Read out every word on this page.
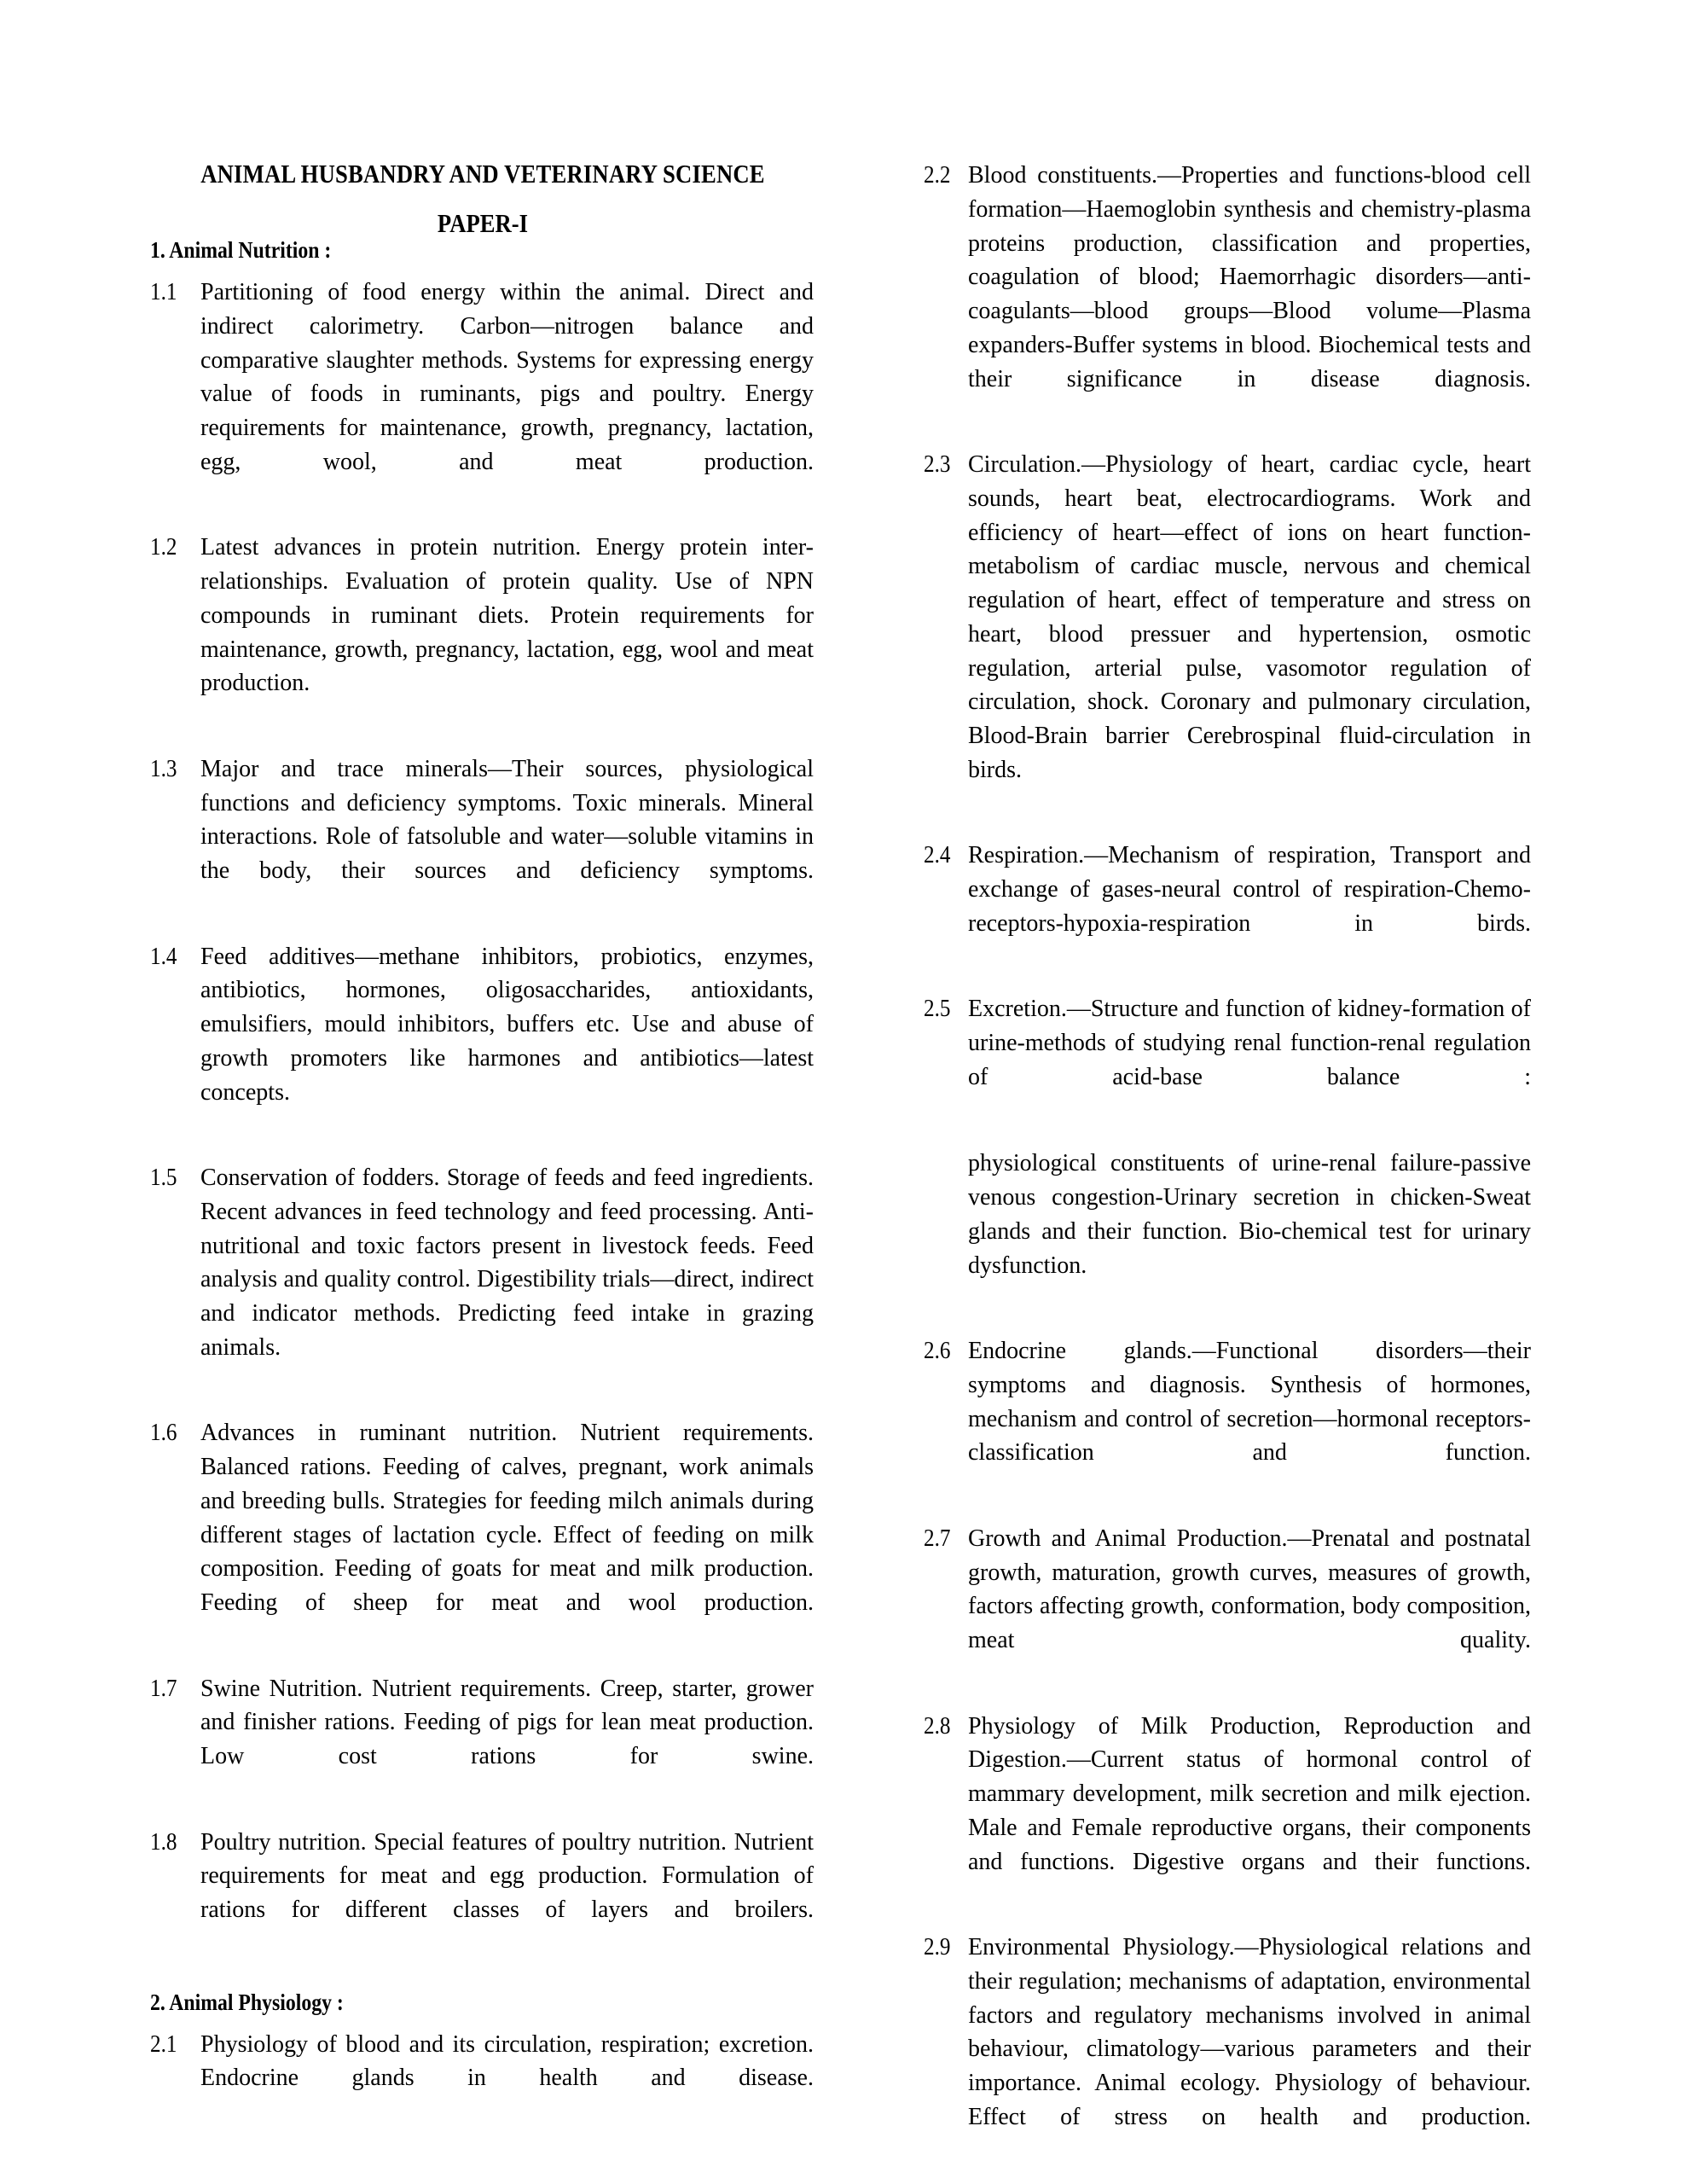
ANIMAL HUSBANDRY AND VETERINARY SCIENCE
PAPER-I
1. Animal Nutrition :
1.1 Partitioning of food energy within the animal. Direct and indirect calorimetry. Carbon—nitrogen balance and comparative slaughter methods. Systems for expressing energy value of foods in ruminants, pigs and poultry. Energy requirements for maintenance, growth, pregnancy, lactation, egg, wool, and meat production.

1.2 Latest advances in protein nutrition. Energy protein inter-relationships. Evaluation of protein quality. Use of NPN compounds in ruminant diets. Protein requirements for maintenance, growth, pregnancy, lactation, egg, wool and meat production.

1.3 Major and trace minerals—Their sources, physiological functions and deficiency symptoms. Toxic minerals. Mineral interactions. Role of fatsoluble and water—soluble vitamins in the body, their sources and deficiency symptoms.

1.4 Feed additives—methane inhibitors, probiotics, enzymes, antibiotics, hormones, oligosaccharides, antioxidants, emulsifiers, mould inhibitors, buffers etc. Use and abuse of growth promoters like harmones and antibiotics—latest concepts.

1.5 Conservation of fodders. Storage of feeds and feed ingredients. Recent advances in feed technology and feed processing. Anti-nutritional and toxic factors present in livestock feeds. Feed analysis and quality control. Digestibility trials—direct, indirect and indicator methods. Predicting feed intake in grazing animals.

1.6 Advances in ruminant nutrition. Nutrient requirements. Balanced rations. Feeding of calves, pregnant, work animals and breeding bulls. Strategies for feeding milch animals during different stages of lactation cycle. Effect of feeding on milk composition. Feeding of goats for meat and milk production. Feeding of sheep for meat and wool production.

1.7 Swine Nutrition. Nutrient requirements. Creep, starter, grower and finisher rations. Feeding of pigs for lean meat production. Low cost rations for swine.

1.8 Poultry nutrition. Special features of poultry nutrition. Nutrient requirements for meat and egg production. Formulation of rations for different classes of layers and broilers.

2. Animal Physiology :
2.1 Physiology of blood and its circulation, respiration; excretion. Endocrine glands in health and disease.

2.2 Blood constituents.—Properties and functions-blood cell formation—Haemoglobin synthesis and chemistry-plasma proteins production, classification and properties, coagulation of blood; Haemorrhagic disorders—anti-coagulants—blood groups—Blood volume—Plasma expanders-Buffer systems in blood. Biochemical tests and their significance in disease diagnosis.

2.3 Circulation.—Physiology of heart, cardiac cycle, heart sounds, heart beat, electrocardiograms. Work and efficiency of heart—effect of ions on heart function-metabolism of cardiac muscle, nervous and chemical regulation of heart, effect of temperature and stress on heart, blood pressuer and hypertension, osmotic regulation, arterial pulse, vasomotor regulation of circulation, shock. Coronary and pulmonary circulation, Blood-Brain barrier Cerebrospinal fluid-circulation in birds.

2.4 Respiration.—Mechanism of respiration, Transport and exchange of gases-neural control of respiration-Chemo-receptors-hypoxia-respiration in birds.

2.5 Excretion.—Structure and function of kidney-formation of urine-methods of studying renal function-renal regulation of acid-base balance :

physiological constituents of urine-renal failure-passive venous congestion-Urinary secretion in chicken-Sweat glands and their function. Bio-chemical test for urinary dysfunction.

2.6 Endocrine glands.—Functional disorders—their symptoms and diagnosis. Synthesis of hormones, mechanism and control of secretion—hormonal receptors-classification and function.

2.7 Growth and Animal Production.—Prenatal and postnatal growth, maturation, growth curves, measures of growth, factors affecting growth, conformation, body composition, meat quality.

2.8 Physiology of Milk Production, Reproduction and Digestion.—Current status of hormonal control of mammary development, milk secretion and milk ejection. Male and Female reproductive organs, their components and functions. Digestive organs and their functions.

2.9 Environmental Physiology.—Physiological relations and their regulation; mechanisms of adaptation, environmental factors and regulatory mechanisms involved in animal behaviour, climatology—various parameters and their importance. Animal ecology. Physiology of behaviour. Effect of stress on health and production.
